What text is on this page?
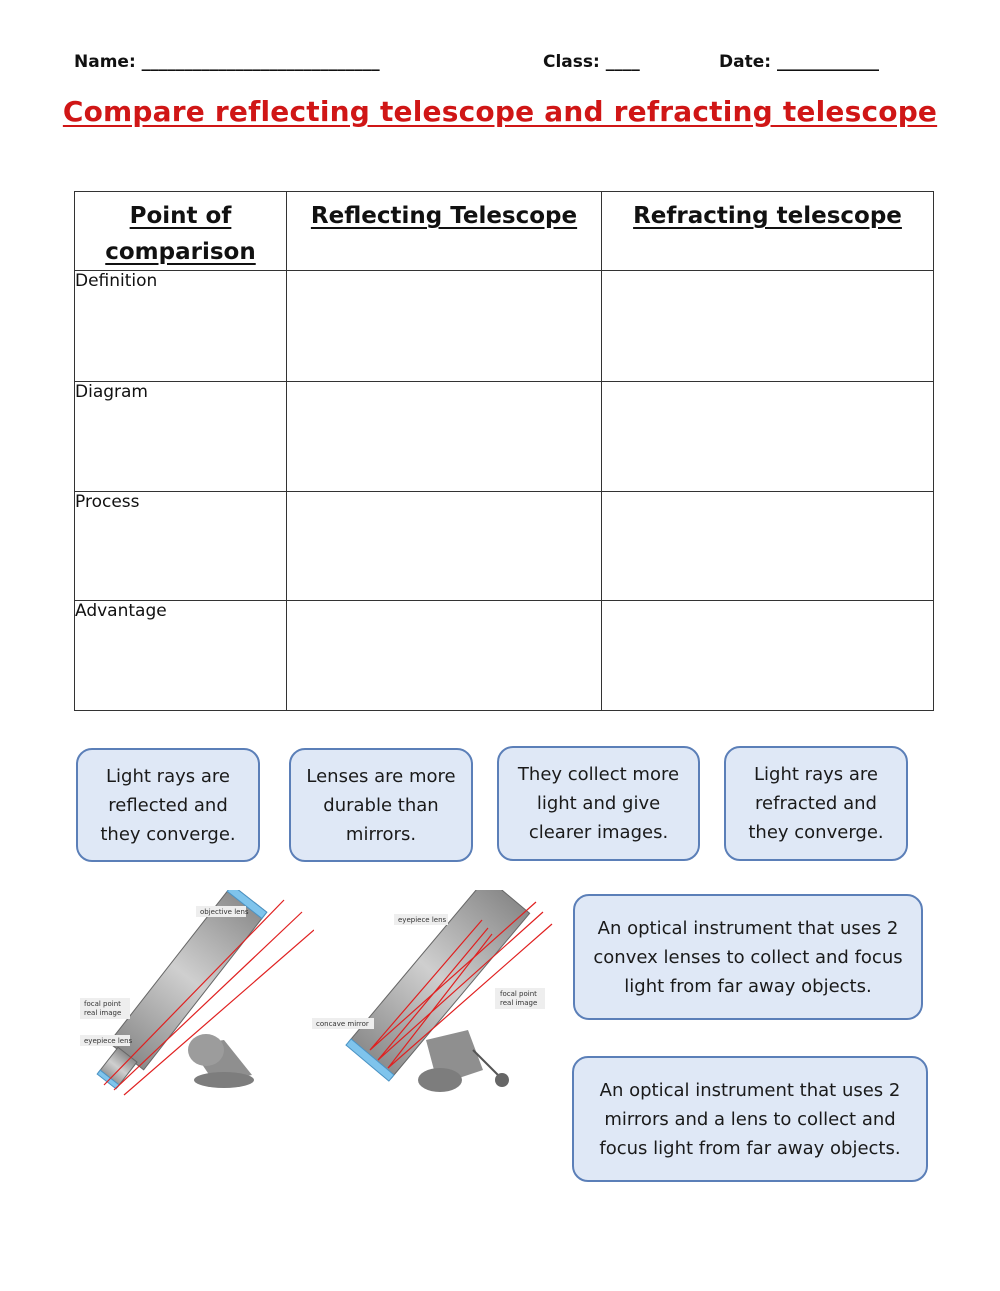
Name: ____________________________	Class: ____	Date: ____________
Compare reflecting telescope and refracting telescope
Point of comparison	Reflecting Telescope	Refracting telescope
Definition		
Diagram		
Process		
Advantage		
Light rays are reflected and they converge.
Lenses are more durable than mirrors.
They collect more light and give clearer images.
Light rays are refracted and they converge.
An optical instrument that uses 2 convex lenses to collect and focus light from far away objects.
An optical instrument that uses 2 mirrors and a lens to collect and focus light from far away objects.
objective lens
focal point
real image
eyepiece lens
eyepiece lens
focal point
real image
concave mirror
